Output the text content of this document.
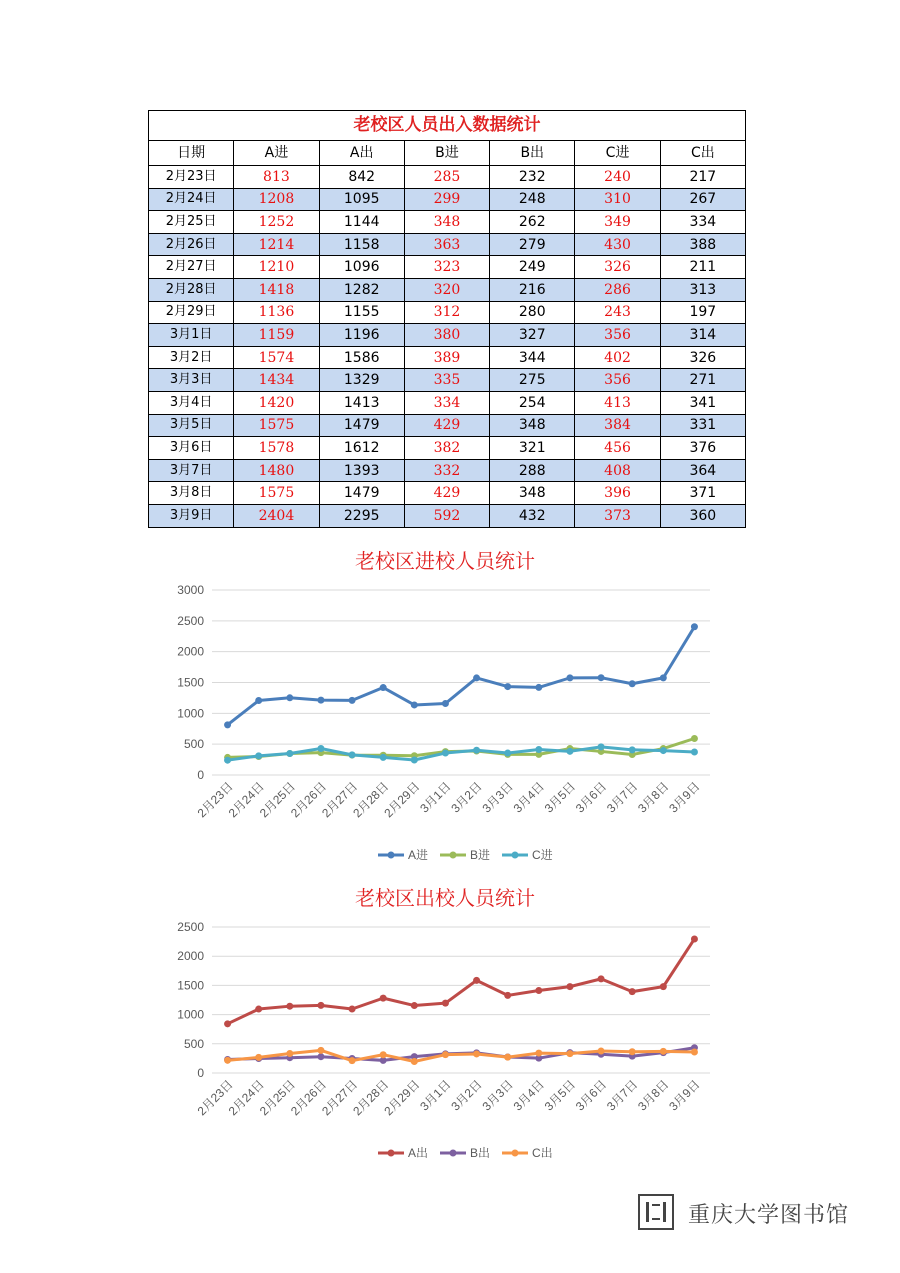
老校区人员出入数据统计
日期	A进	A出	B进	B出	C进	C出
2月23日	813	842	285	232	240	217
2月24日	1208	1095	299	248	310	267
2月25日	1252	1144	348	262	349	334
2月26日	1214	1158	363	279	430	388
2月27日	1210	1096	323	249	326	211
2月28日	1418	1282	320	216	286	313
2月29日	1136	1155	312	280	243	197
3月1日	1159	1196	380	327	356	314
3月2日	1574	1586	389	344	402	326
3月3日	1434	1329	335	275	356	271
3月4日	1420	1413	334	254	413	341
3月5日	1575	1479	429	348	384	331
3月6日	1578	1612	382	321	456	376
3月7日	1480	1393	332	288	408	364
3月8日	1575	1479	429	348	396	371
3月9日	2404	2295	592	432	373	360
老校区进校人员统计
0
500
1000
1500
2000
2500
3000
2月23日
2月24日
2月25日
2月26日
2月27日
2月28日
2月29日
3月1日
3月2日
3月3日
3月4日
3月5日
3月6日
3月7日
3月8日
3月9日
A进	B进	C进
老校区出校人员统计
0
500
1000
1500
2000
2500
2月23日
2月24日
2月25日
2月26日
2月27日
2月28日
2月29日
3月1日
3月2日
3月3日
3月4日
3月5日
3月6日
3月7日
3月8日
3月9日
A出	B出	C出
重庆大学图书馆
